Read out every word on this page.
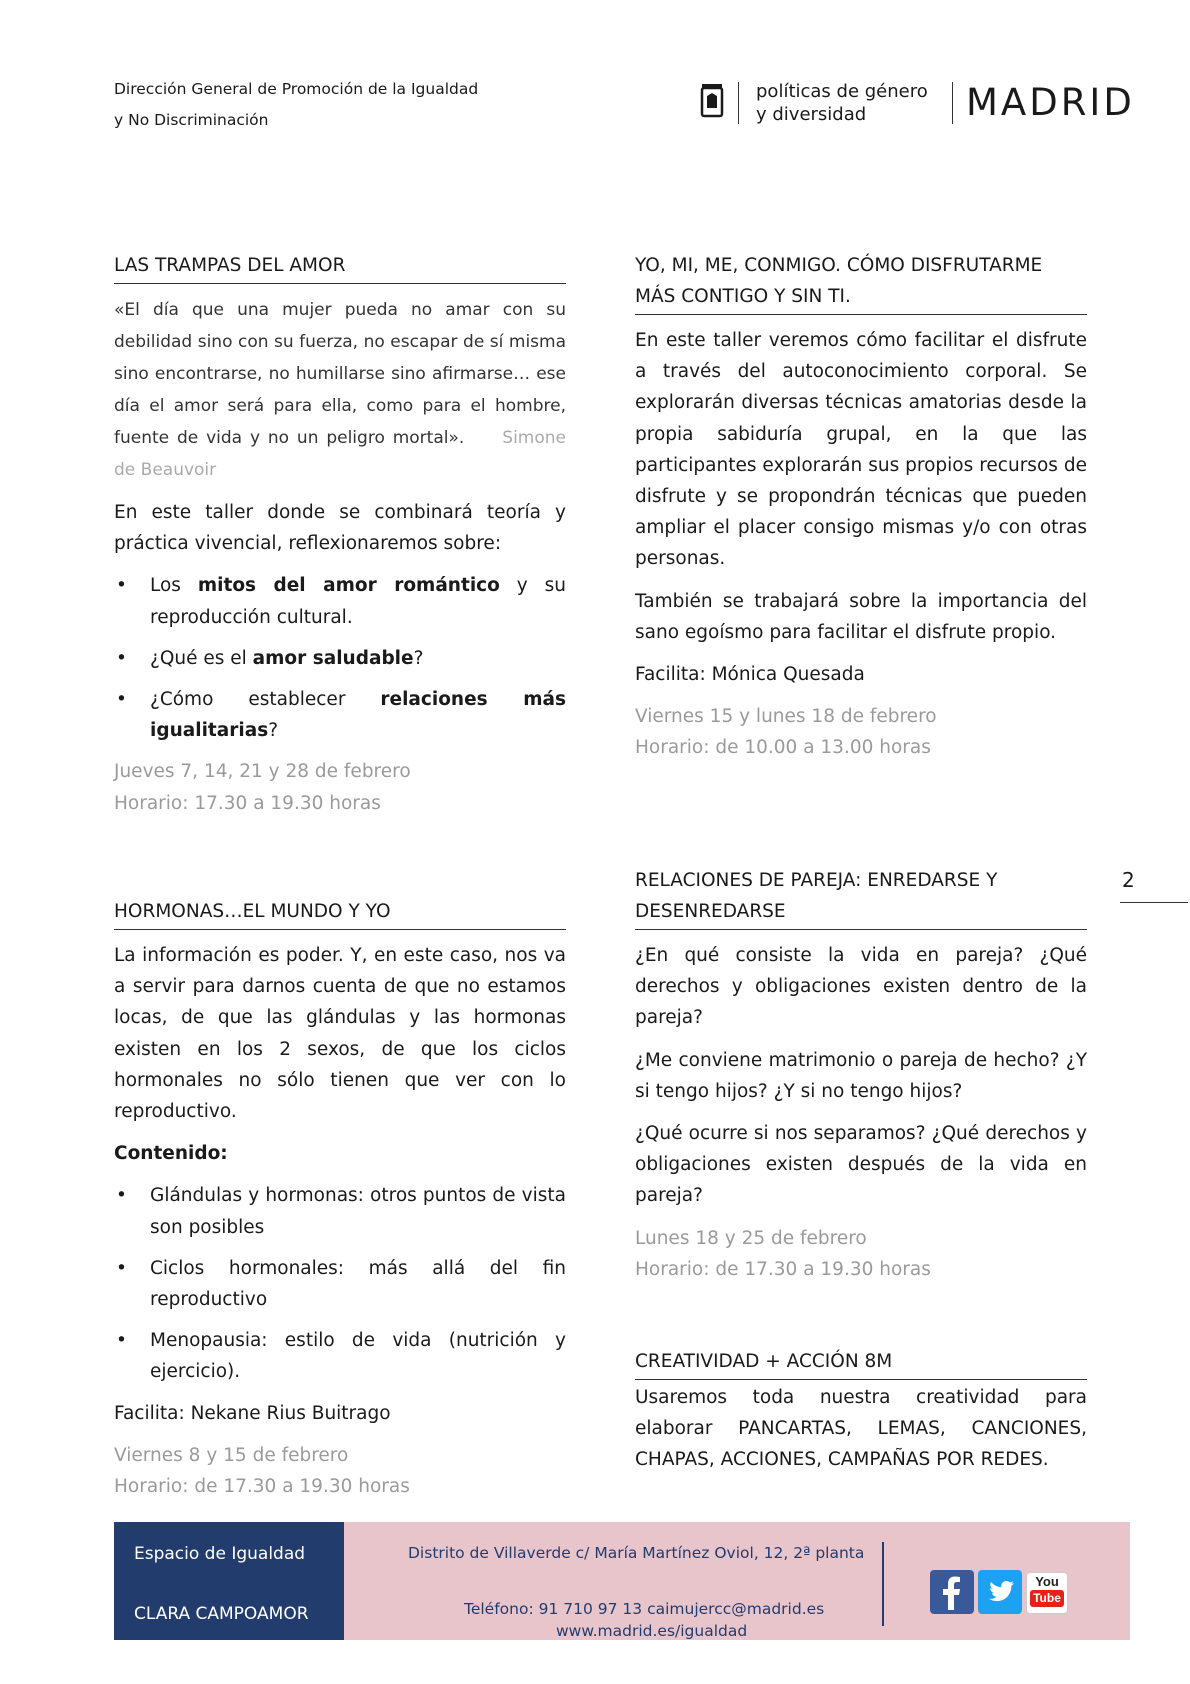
Dirección General de Promoción de la Igualdad
y No Discriminación
políticas de género
y diversidad	MADRID
LAS TRAMPAS DEL AMOR

«El día que una mujer pueda no amar con su debilidad sino con su fuerza, no escapar de sí misma sino encontrarse, no humillarse sino afirmarse… ese día el amor será para ella, como para el hombre, fuente de vida y no un peligro mortal». Simone de Beauvoir

En este taller donde se combinará teoría y práctica vivencial, reflexionaremos sobre:

• Los mitos del amor romántico y su reproducción cultural.
• ¿Qué es el amor saludable?
• ¿Cómo establecer relaciones más igualitarias?

Jueves 7, 14, 21 y 28 de febrero

Horario: 17.30 a 19.30 horas

YO, MI, ME, CONMIGO. CÓMO DISFRUTARME MÁS CONTIGO Y SIN TI.

En este taller veremos cómo facilitar el disfrute a través del autoconocimiento corporal. Se explorarán diversas técnicas amatorias desde la propia sabiduría grupal, en la que las participantes explorarán sus propios recursos de disfrute y se propondrán técnicas que pueden ampliar el placer consigo mismas y/o con otras personas.

También se trabajará sobre la importancia del sano egoísmo para facilitar el disfrute propio.

Facilita: Mónica Quesada

Viernes 15 y lunes 18 de febrero

Horario: de 10.00 a 13.00 horas

HORMONAS…EL MUNDO Y YO

La información es poder. Y, en este caso, nos va a servir para darnos cuenta de que no estamos locas, de que las glándulas y las hormonas existen en los 2 sexos, de que los ciclos hormonales no sólo tienen que ver con lo reproductivo.

Contenido:

• Glándulas y hormonas: otros puntos de vista son posibles
• Ciclos hormonales: más allá del fin reproductivo
• Menopausia: estilo de vida (nutrición y ejercicio).

Facilita: Nekane Rius Buitrago

Viernes 8 y 15 de febrero

Horario: de 17.30 a 19.30 horas

RELACIONES DE PAREJA: ENREDARSE Y DESENREDARSE

¿En qué consiste la vida en pareja? ¿Qué derechos y obligaciones existen dentro de la pareja?

¿Me conviene matrimonio o pareja de hecho? ¿Y si tengo hijos? ¿Y si no tengo hijos?

¿Qué ocurre si nos separamos? ¿Qué derechos y obligaciones existen después de la vida en pareja?

Lunes 18 y 25 de febrero

Horario: de 17.30 a 19.30 horas

CREATIVIDAD + ACCIÓN 8M

Usaremos toda nuestra creatividad para elaborar PANCARTAS, LEMAS, CANCIONES, CHAPAS, ACCIONES, CAMPAÑAS POR REDES.

2
Espacio de Igualdad
CLARA CAMPOAMOR
Distrito de Villaverde c/ María Martínez Oviol, 12, 2ª planta
Teléfono: 91 710 97 13 caimujercc@madrid.es
www.madrid.es/igualdad
You
Tube
